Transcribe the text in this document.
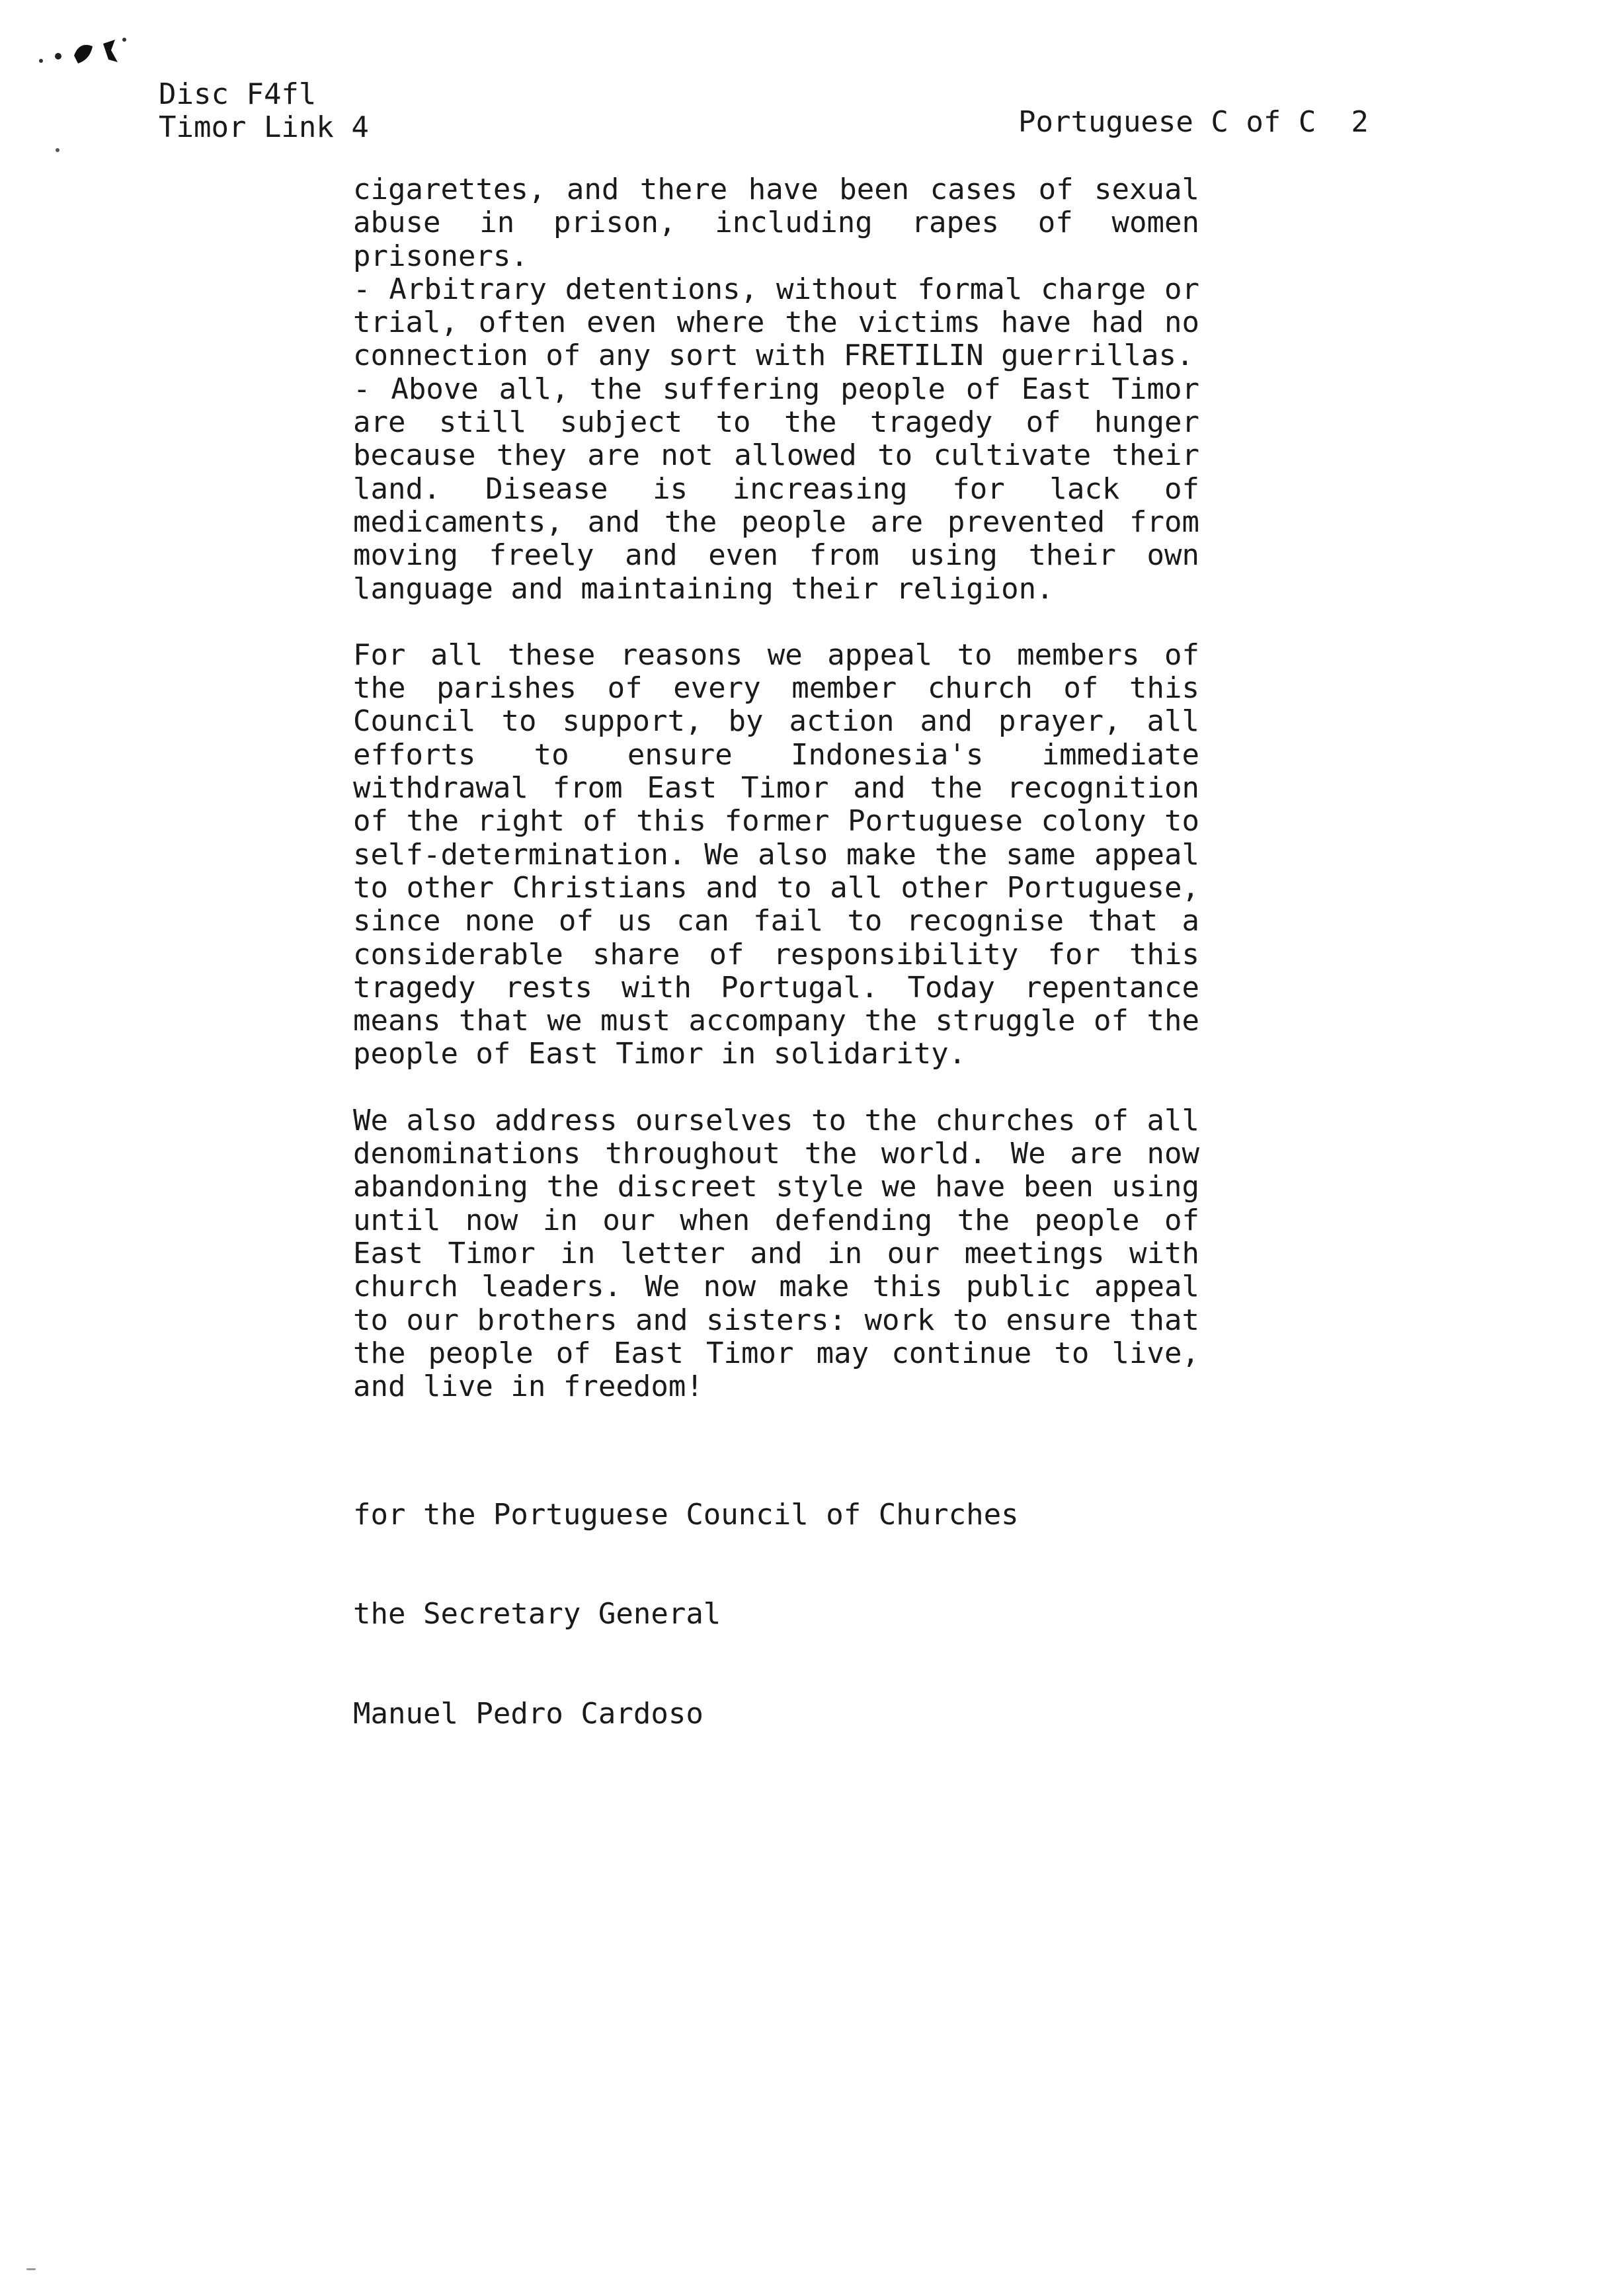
Disc F4fl
Timor Link 4	Portuguese C of C  2

cigarettes, and there have been cases of sexual abuse in prison, including rapes of women prisoners.

- Arbitrary detentions, without formal charge or trial, often even where the victims have had no connection of any sort with FRETILIN guerrillas.

- Above all, the suffering people of East Timor are still subject to the tragedy of hunger because they are not allowed to cultivate their land. Disease is increasing for lack of medicaments, and the people are prevented from moving freely and even from using their own language and maintaining their religion.

For all these reasons we appeal to members of the parishes of every member church of this Council to support, by action and prayer, all efforts to ensure Indonesia's immediate withdrawal from East Timor and the recognition of the right of this former Portuguese colony to self-determination. We also make the same appeal to other Christians and to all other Portuguese, since none of us can fail to recognise that a considerable share of responsibility for this tragedy rests with Portugal. Today repentance means that we must accompany the struggle of the people of East Timor in solidarity.

We also address ourselves to the churches of all denominations throughout the world. We are now abandoning the discreet style we have been using until now in our when defending the people of East Timor in letter and in our meetings with church leaders. We now make this public appeal to our brothers and sisters: work to ensure that the people of East Timor may continue to live, and live in freedom!

for the Portuguese Council of Churches

the Secretary General

Manuel Pedro Cardoso
